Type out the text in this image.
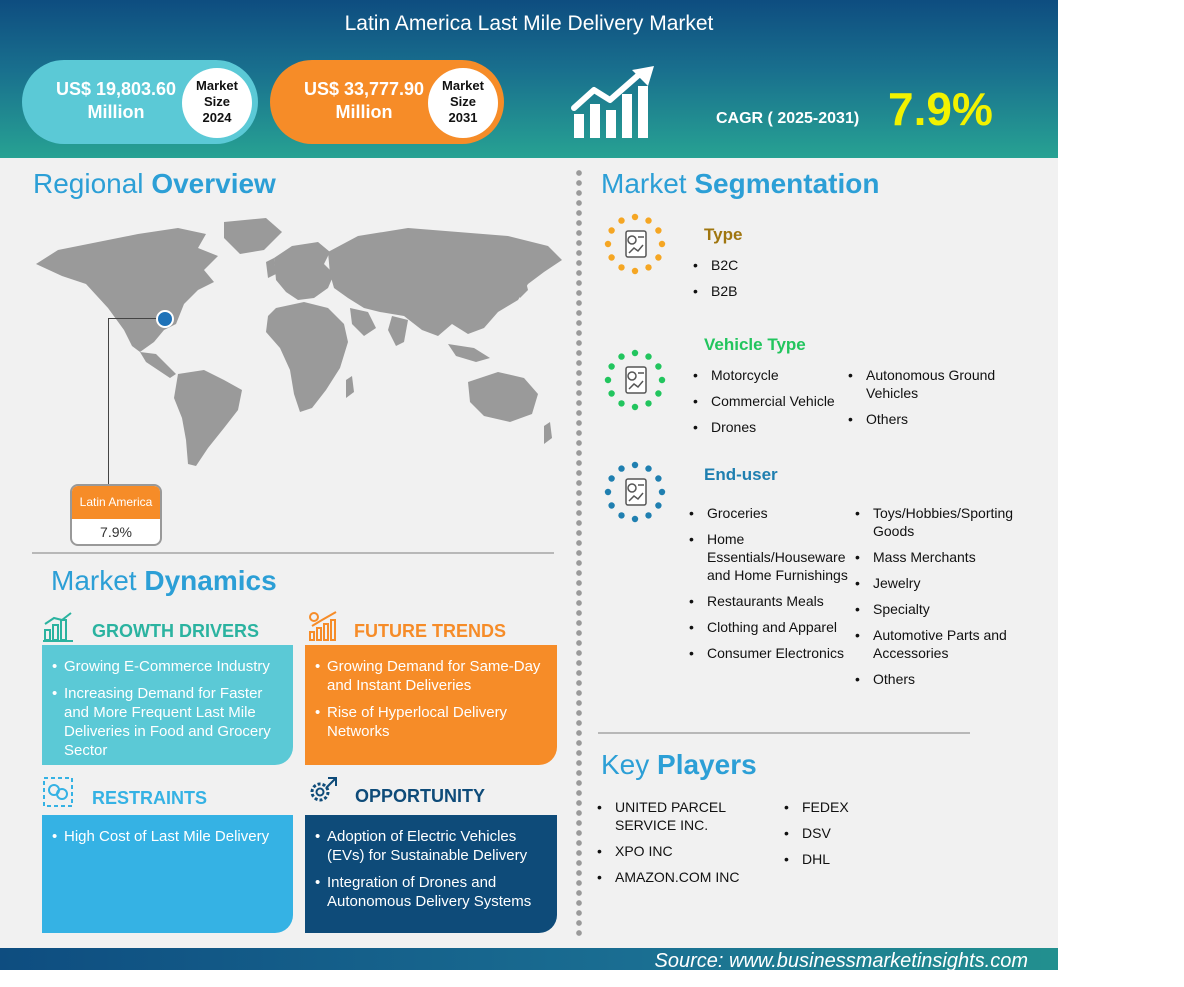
Latin America Last Mile Delivery Market
US$ 19,803.60
Million
Market
Size
2024
US$ 33,777.90
Million
Market
Size
2031	CAGR ( 2025-2031) 7.9%
Regional Overview
Latin America
7.9%
Market Dynamics
GROWTH DRIVERS	FUTURE TRENDS
• Growing E-Commerce Industry
• Increasing Demand for Faster and More Frequent Last Mile Deliveries in Food and Grocery Sector
• Growing Demand for Same-Day and Instant Deliveries
• Rise of Hyperlocal Delivery Networks
RESTRAINTS	OPPORTUNITY
• High Cost of Last Mile Delivery
•	Adoption of Electric Vehicles (EVs) for Sustainable Delivery
• Integration of Drones and Autonomous Delivery Systems
Market Segmentation
Type
• B2C
• B2B
Vehicle Type
• Motorcycle
• Commercial Vehicle
• Drones
• Autonomous Ground Vehicles
• Others
End-user
• Groceries
• Home Essentials/Houseware and Home Furnishings
• Restaurants Meals
• Clothing and Apparel
• Consumer Electronics
• Toys/Hobbies/Sporting Goods
• Mass Merchants
• Jewelry
• Specialty
• Automotive Parts and Accessories
• Others
Key Players
• UNITED PARCEL SERVICE INC.
• XPO INC
• AMAZON.COM INC
• FEDEX
• DSV
• DHL
Source: www.businessmarketinsights.com
